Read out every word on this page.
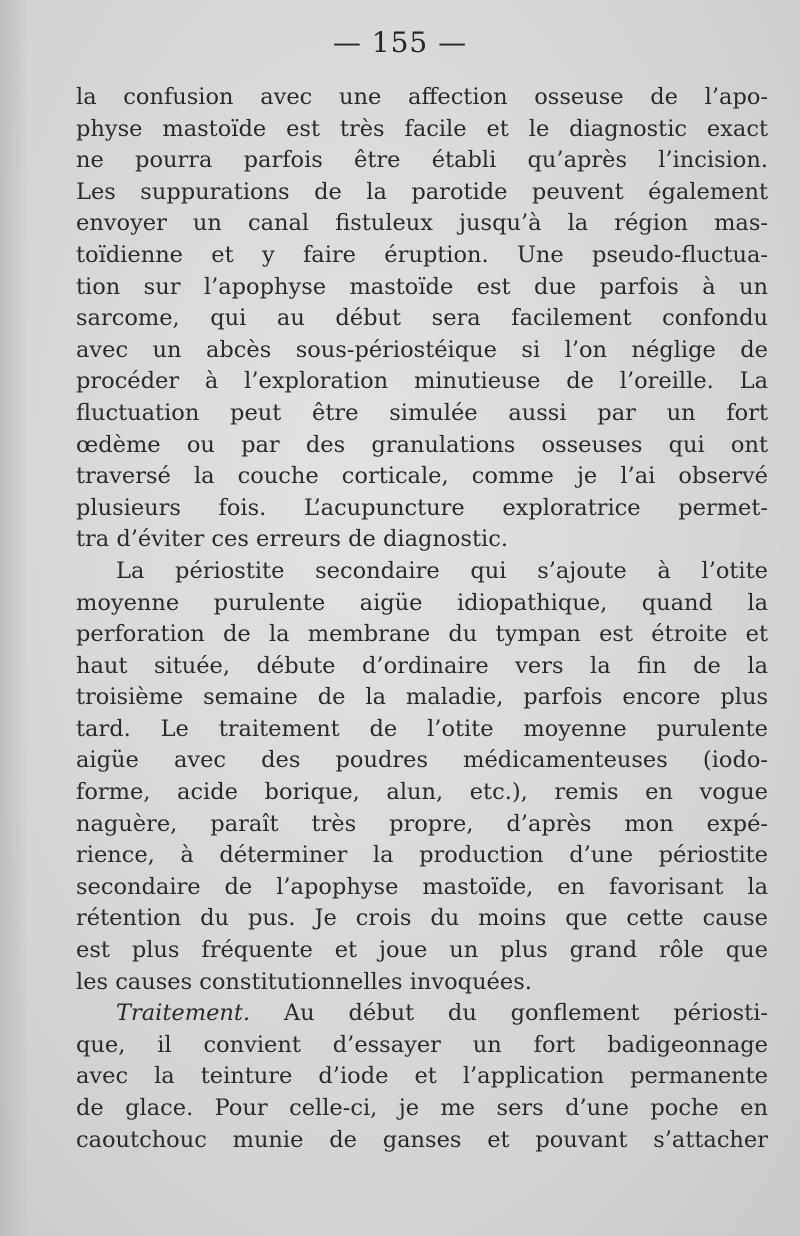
— 155 —
la confusion avec une affection osseuse de l’apo-
physe mastoïde est très facile et le diagnostic exact
ne pourra parfois être établi qu’après l’incision.
Les suppurations de la parotide peuvent également
envoyer un canal fistuleux jusqu’à la région mas-
toïdienne et y faire éruption. Une pseudo-fluctua-
tion sur l’apophyse mastoïde est due parfois à un
sarcome, qui au début sera facilement confondu
avec un abcès sous-périostéique si l’on néglige de
procéder à l’exploration minutieuse de l’oreille. La
fluctuation peut être simulée aussi par un fort
œdème ou par des granulations osseuses qui ont
traversé la couche corticale, comme je l’ai observé
plusieurs fois. L’acupuncture exploratrice permet-
tra d’éviter ces erreurs de diagnostic.
La périostite secondaire qui s’ajoute à l’otite
moyenne purulente aigüe idiopathique, quand la
perforation de la membrane du tympan est étroite et
haut située, débute d’ordinaire vers la fin de la
troisième semaine de la maladie, parfois encore plus
tard. Le traitement de l’otite moyenne purulente
aigüe avec des poudres médicamenteuses (iodo-
forme, acide borique, alun, etc.), remis en vogue
naguère, paraît très propre, d’après mon expé-
rience, à déterminer la production d’une périostite
secondaire de l’apophyse mastoïde, en favorisant la
rétention du pus. Je crois du moins que cette cause
est plus fréquente et joue un plus grand rôle que
les causes constitutionnelles invoquées.
Traitement. Au début du gonflement périosti-
que, il convient d’essayer un fort badigeonnage
avec la teinture d’iode et l’application permanente
de glace. Pour celle-ci, je me sers d’une poche en
caoutchouc munie de ganses et pouvant s’attacher
